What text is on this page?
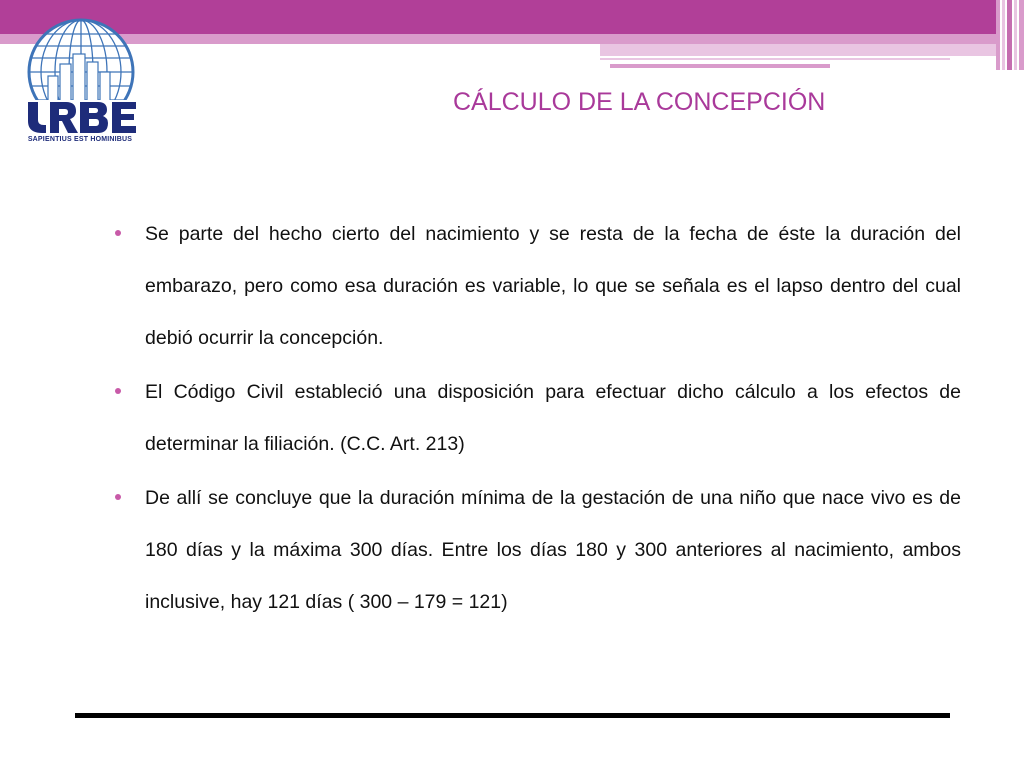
SAPIENTIUS EST HOMINIBUS
CÁLCULO DE LA CONCEPCIÓN
Se parte del hecho cierto del nacimiento y se resta de la fecha de éste la duración del embarazo, pero como esa duración es variable, lo que se señala es el lapso dentro del cual debió ocurrir la concepción.
El Código Civil estableció una disposición para efectuar dicho cálculo a los efectos de determinar la filiación. (C.C. Art. 213)
De allí se concluye que la duración mínima de la gestación de una niño que nace vivo es de 180 días y la máxima 300 días. Entre los días 180 y 300 anteriores al nacimiento, ambos inclusive, hay 121 días ( 300 – 179 = 121)
